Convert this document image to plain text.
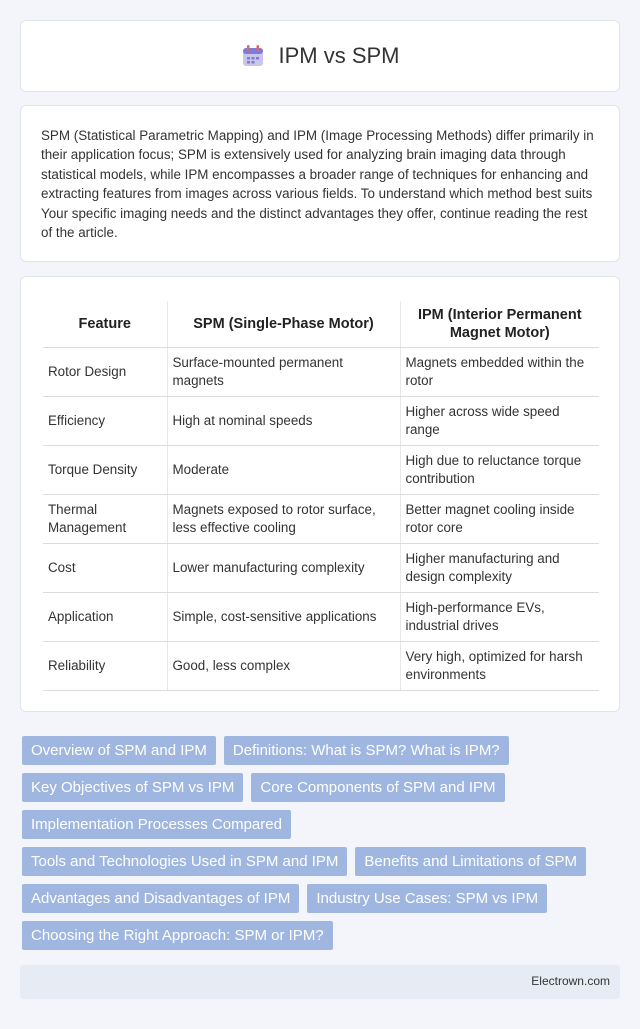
IPM vs SPM

SPM (Statistical Parametric Mapping) and IPM (Image Processing Methods) differ primarily in their application focus; SPM is extensively used for analyzing brain imaging data through statistical models, while IPM encompasses a broader range of techniques for enhancing and extracting features from images across various fields. To understand which method best suits Your specific imaging needs and the distinct advantages they offer, continue reading the rest of the article.

Feature	SPM (Single-Phase Motor)	IPM (Interior Permanent Magnet Motor)
Rotor Design	Surface-mounted permanent magnets	Magnets embedded within the rotor
Efficiency	High at nominal speeds	Higher across wide speed range
Torque Density	Moderate	High due to reluctance torque contribution
Thermal Management	Magnets exposed to rotor surface, less effective cooling	Better magnet cooling inside rotor core
Cost	Lower manufacturing complexity	Higher manufacturing and design complexity
Application	Simple, cost-sensitive applications	High-performance EVs, industrial drives
Reliability	Good, less complex	Very high, optimized for harsh environments
Overview of SPM and IPM	Definitions: What is SPM? What is IPM?
Key Objectives of SPM vs IPM	Core Components of SPM and IPM
Implementation Processes Compared
Tools and Technologies Used in SPM and IPM	Benefits and Limitations of SPM
Advantages and Disadvantages of IPM	Industry Use Cases: SPM vs IPM
Choosing the Right Approach: SPM or IPM?
Electrown.com
